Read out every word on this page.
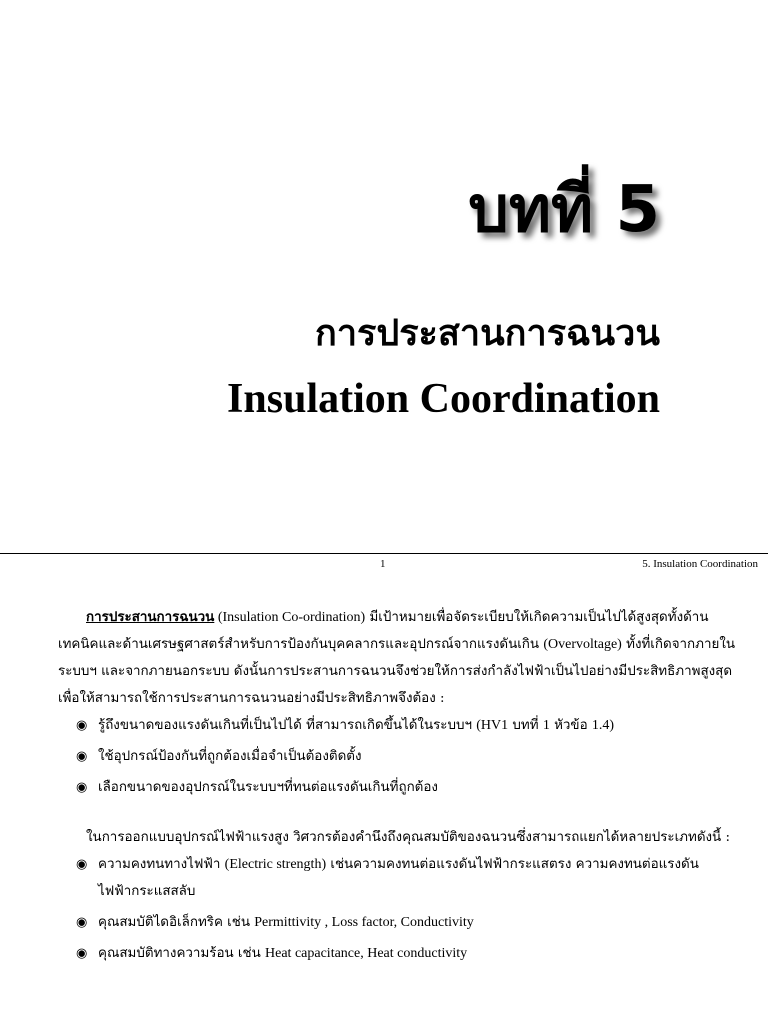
บทที่ 5
การประสานการฉนวน
Insulation Coordination
1	5. Insulation Coordination

การประสานการฉนวน (Insulation Co-ordination) มีเป้าหมายเพื่อจัดระเบียบให้เกิดความเป็นไปได้สูงสุดทั้งด้านเทคนิคและด้านเศรษฐศาสตร์สำหรับการป้องกันบุคคลากรและอุปกรณ์จากแรงดันเกิน (Overvoltage) ทั้งที่เกิดจากภายในระบบฯ และจากภายนอกระบบ ดังนั้นการประสานการฉนวนจึงช่วยให้การส่งกำลังไฟฟ้าเป็นไปอย่างมีประสิทธิภาพสูงสุด

เพื่อให้สามารถใช้การประสานการฉนวนอย่างมีประสิทธิภาพจึงต้อง :

◉ รู้ถึงขนาดของแรงดันเกินที่เป็นไปได้ ที่สามารถเกิดขึ้นได้ในระบบฯ (HV1 บทที่ 1 หัวข้อ 1.4)
◉ ใช้อุปกรณ์ป้องกันที่ถูกต้องเมื่อจำเป็นต้องติดตั้ง
◉ เลือกขนาดของอุปกรณ์ในระบบฯที่ทนต่อแรงดันเกินที่ถูกต้อง

ในการออกแบบอุปกรณ์ไฟฟ้าแรงสูง วิศวกรต้องคำนึงถึงคุณสมบัติของฉนวนซึ่งสามารถแยกได้หลายประเภทดังนี้ :

◉ ความคงทนทางไฟฟ้า (Electric strength) เช่นความคงทนต่อแรงดันไฟฟ้ากระแสตรง ความคงทนต่อแรงดันไฟฟ้ากระแสสลับ
◉ คุณสมบัติไดอิเล็กทริค เช่น Permittivity , Loss factor, Conductivity
◉ คุณสมบัติทางความร้อน เช่น Heat capacitance, Heat conductivity
